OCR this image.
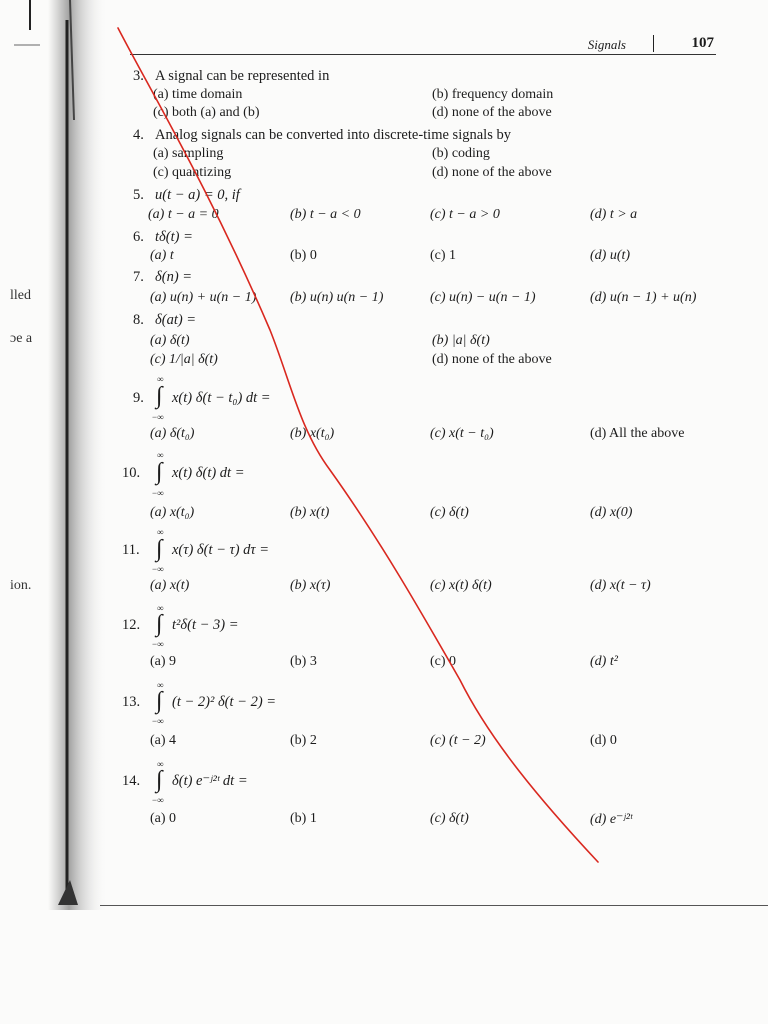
lled
ɔe a
ion.
Signals	107
3. A signal can be represented in
(a) time domain	(b) frequency domain
(c) both (a) and (b)	(d) none of the above
4. Analog signals can be converted into discrete-time signals by
(a) sampling	(b) coding
(c) quantizing	(d) none of the above
5. u(t − a) = 0, if
(a) t − a = 0	(b) t − a < 0	(c) t − a > 0	(d) t > a
6. tδ(t) =
(a) t	(b) 0	(c) 1	(d) u(t)
7. δ(n) =
(a) u(n) + u(n − 1) (b) u(n) u(n − 1)	(c) u(n) − u(n − 1)	(d) u(n − 1) + u(n)
8. δ(at) =
(a) δ(t)	(b) |a| δ(t)
(c) 1/|a| δ(t)	(d) none of the above
∞
9. ∫ x(t) δ(t − t₀) dt =
−∞
(a) δ(t₀)	(b) x(t₀)	(c) x(t − t₀)	(d) All the above
∞
10. ∫ x(t) δ(t) dt =
−∞
(a) x(t₀)	(b) x(t)	(c) δ(t)	(d) x(0)
∞
11. ∫ x(τ) δ(t − τ) dτ =
−∞
(a) x(t)	(b) x(τ)	(c) x(t) δ(t)	(d) x(t − τ)
∞
12. ∫ t²δ(t − 3) =
−∞
(a) 9	(b) 3	(c) 0	(d) t²
∞
13. ∫ (t − 2)² δ(t − 2) =
−∞
(a) 4	(b) 2	(c) (t − 2)	(d) 0
∞
14. ∫ δ(t) e⁻ʲ²ᵗ dt =
−∞
(a) 0	(b) 1	(c) δ(t)	(d) e⁻ʲ²ᵗ
